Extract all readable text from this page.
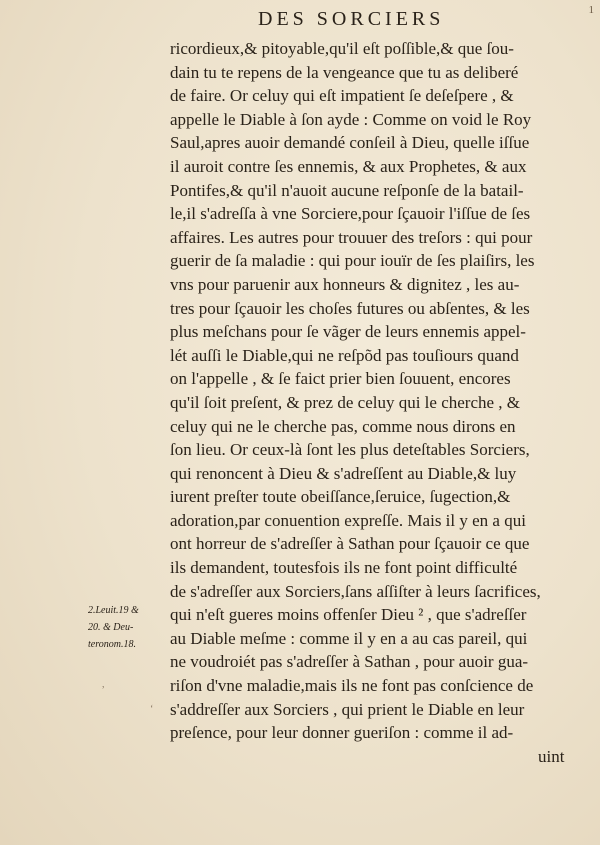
DES SORCIERS	1
ricordieux,& pitoyable,qu'il eſt poſſible,& que ſou-
dain tu te repens de la vengeance que tu as deliberé
de faire. Or celuy qui eſt impatient ſe deſeſpere , &
appelle le Diable à ſon ayde : Comme on void le Roy
Saul,apres auoir demandé conſeil à Dieu, quelle iſſue
il auroit contre ſes ennemis, & aux Prophetes, & aux
Pontifes,& qu'il n'auoit aucune reſponſe de la batail-
le,il s'adreſſa à vne Sorciere,pour ſçauoir l'iſſue de ſes
affaires. Les autres pour trouuer des treſors : qui pour
guerir de ſa maladie : qui pour iouïr de ſes plaiſirs, les
vns pour paruenir aux honneurs & dignitez , les au-
tres pour ſçauoir les choſes futures ou abſentes, & les
plus meſchans pour ſe vãger de leurs ennemis appel-
lét auſſi le Diable,qui ne reſpõd pas touſiours quand
on l'appelle , & ſe faict prier bien ſouuent, encores
qu'il ſoit preſent, & prez de celuy qui le cherche , &
celuy qui ne le cherche pas, comme nous dirons en
ſon lieu. Or ceux-là ſont les plus deteſtables Sorciers,
qui renoncent à Dieu & s'adreſſent au Diable,& luy
iurent preſter toute obeiſſance,ſeruice, ſugection,&
adoration,par conuention expreſſe. Mais il y en a qui
ont horreur de s'adreſſer à Sathan pour ſçauoir ce que
ils demandent, toutesfois ils ne font point difficulté
de s'adreſſer aux Sorciers,ſans aſſiſter à leurs ſacrifices,
qui n'eſt gueres moins offenſer Dieu ² , que s'adreſſer
au Diable meſme : comme il y en a au cas pareil, qui
ne voudroiét pas s'adreſſer à Sathan , pour auoir gua-
riſon d'vne maladie,mais ils ne font pas conſcience de
s'addreſſer aux Sorciers , qui prient le Diable en leur
preſence, pour leur donner gueriſon : comme il ad-
uint
2.Leuit.19 &
20. & Deu-
teronom.18.
,
‘
